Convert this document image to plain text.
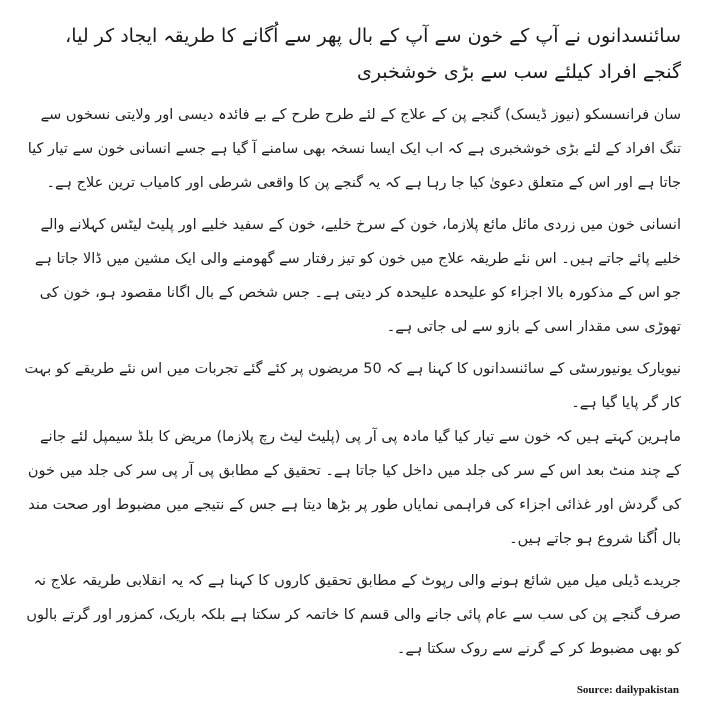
سائنسدانوں نے آپ کے خون سے آپ کے بال پھر سے اُگانے کا طریقہ ایجاد کر لیا، گنجے افراد کیلئے سب سے بڑی خوشخبری

سان فرانسسکو (نیوز ڈیسک) گنجے پن کے علاج کے لئے طرح طرح کے بے فائدہ دیسی اور ولایتی نسخوں سے تنگ افراد کے لئے بڑی خوشخبری ہے کہ اب ایک ایسا نسخہ بھی سامنے آ گیا ہے جسے انسانی خون سے تیار کیا جاتا ہے اور اس کے متعلق دعویٰ کیا جا رہا ہے کہ یہ گنجے پن کا واقعی شرطی اور کامیاب ترین علاج ہے۔

انسانی خون میں زردی مائل مائع پلازما، خون کے سرخ خلیے، خون کے سفید خلیے اور پلیٹ لیٹس کہلانے والے خلیے پائے جاتے ہیں۔ اس نئے طریقہ علاج میں خون کو تیز رفتار سے گھومنے والی ایک مشین میں ڈالا جاتا ہے جو اس کے مذکورہ بالا اجزاء کو علیحدہ علیحدہ کر دیتی ہے۔ جس شخص کے بال اگانا مقصود ہو، خون کی تھوڑی سی مقدار اسی کے بازو سے لی جاتی ہے۔

نیویارک یونیورسٹی کے سائنسدانوں کا کہنا ہے کہ 50 مریضوں پر کئے گئے تجربات میں اس نئے طریقے کو بہت کار گر پایا گیا ہے۔

ماہرین کہتے ہیں کہ خون سے تیار کیا گیا مادہ پی آر پی (پلیٹ لیٹ رچ پلازما) مریض کا بلڈ سیمپل لئے جانے کے چند منٹ بعد اس کے سر کی جلد میں داخل کیا جاتا ہے۔ تحقیق کے مطابق پی آر پی سر کی جلد میں خون کی گردش اور غذائی اجزاء کی فراہمی نمایاں طور پر بڑھا دیتا ہے جس کے نتیجے میں مضبوط اور صحت مند بال اُگنا شروع ہو جاتے ہیں۔

جریدے ڈیلی میل میں شائع ہونے والی رپوٹ کے مطابق تحقیق کاروں کا کہنا ہے کہ یہ انقلابی طریقہ علاج نہ صرف گنجے پن کی سب سے عام پائی جانے والی قسم کا خاتمہ کر سکتا ہے بلکہ باریک، کمزور اور گرتے بالوں کو بھی مضبوط کر کے گرنے سے روک سکتا ہے۔

Source: dailypakistan
